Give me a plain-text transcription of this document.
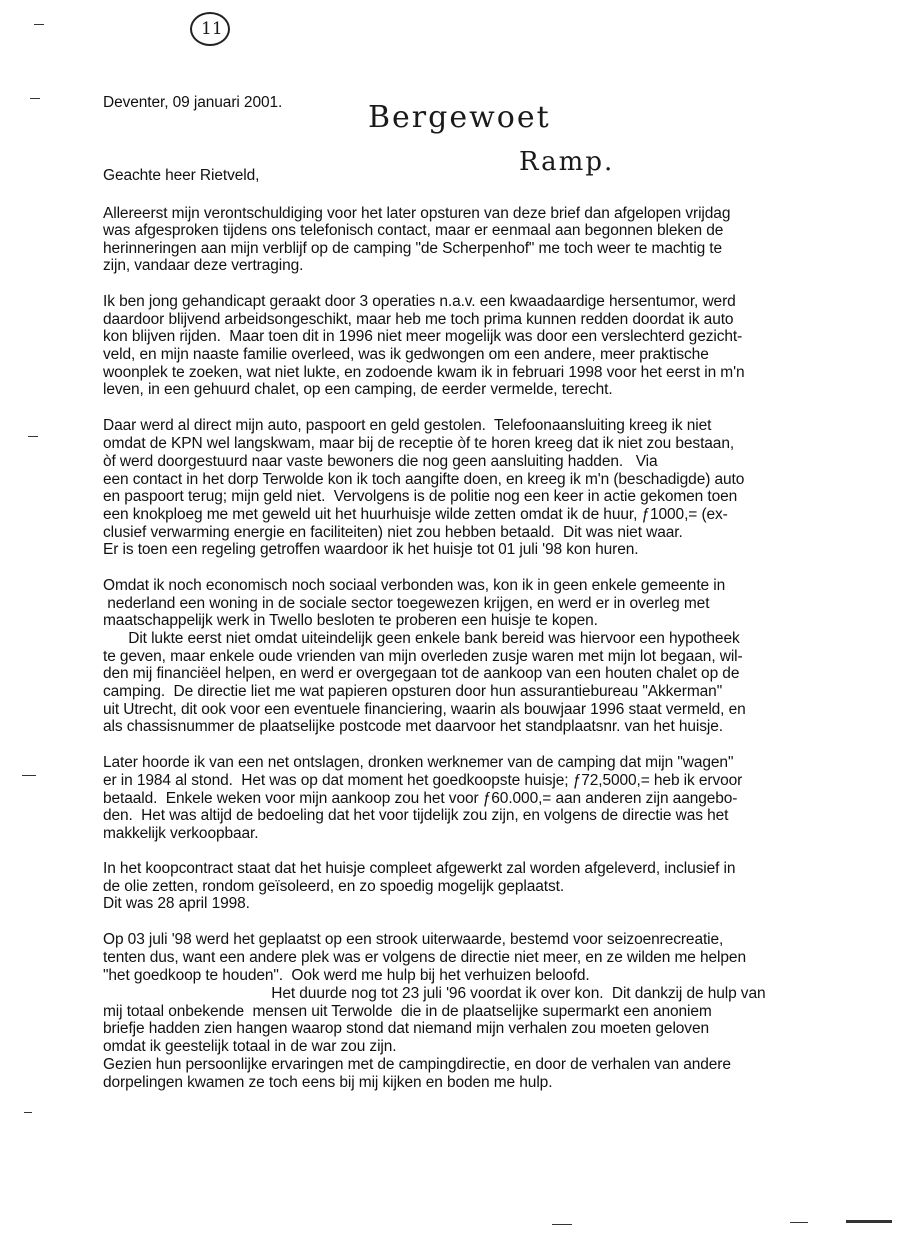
11
Bergewoet
Ramp.

Deventer, 09 januari 2001.

Geachte heer Rietveld,

Allereerst mijn verontschuldiging voor het later opsturen van deze brief dan afgelopen vrijdag

was afgesproken tijdens ons telefonisch contact, maar er eenmaal aan begonnen bleken de

herinneringen aan mijn verblijf op de camping "de Scherpenhof" me toch weer te machtig te

zijn, vandaar deze vertraging.

Ik ben jong gehandicapt geraakt door 3 operaties n.a.v. een kwaadaardige hersentumor, werd

daardoor blijvend arbeidsongeschikt, maar heb me toch prima kunnen redden doordat ik auto

kon blijven rijden.  Maar toen dit in 1996 niet meer mogelijk was door een verslechterd gezicht-

veld, en mijn naaste familie overleed, was ik gedwongen om een andere, meer praktische

woonplek te zoeken, wat niet lukte, en zodoende kwam ik in februari 1998 voor het eerst in m'n

leven, in een gehuurd chalet, op een camping, de eerder vermelde, terecht.

Daar werd al direct mijn auto, paspoort en geld gestolen.  Telefoonaansluiting kreeg ik niet

omdat de KPN wel langskwam, maar bij de receptie òf te horen kreeg dat ik niet zou bestaan,

òf werd doorgestuurd naar vaste bewoners die nog geen aansluiting hadden.   Via

een contact in het dorp Terwolde kon ik toch aangifte doen, en kreeg ik m'n (beschadigde) auto

en paspoort terug; mijn geld niet.  Vervolgens is de politie nog een keer in actie gekomen toen

een knokploeg me met geweld uit het huurhuisje wilde zetten omdat ik de huur, ƒ1000,= (ex-

clusief verwarming energie en faciliteiten) niet zou hebben betaald.  Dit was niet waar.

Er is toen een regeling getroffen waardoor ik het huisje tot 01 juli '98 kon huren.

Omdat ik noch economisch noch sociaal verbonden was, kon ik in geen enkele gemeente in

nederland een woning in de sociale sector toegewezen krijgen, en werd er in overleg met

maatschappelijk werk in Twello besloten te proberen een huisje te kopen.

Dit lukte eerst niet omdat uiteindelijk geen enkele bank bereid was hiervoor een hypotheek

te geven, maar enkele oude vrienden van mijn overleden zusje waren met mijn lot begaan, wil-

den mij financiëel helpen, en werd er overgegaan tot de aankoop van een houten chalet op de

camping.  De directie liet me wat papieren opsturen door hun assurantiebureau "Akkerman"

uit Utrecht, dit ook voor een eventuele financiering, waarin als bouwjaar 1996 staat vermeld, en

als chassisnummer de plaatselijke postcode met daarvoor het standplaatsnr. van het huisje.

Later hoorde ik van een net ontslagen, dronken werknemer van de camping dat mijn "wagen"

er in 1984 al stond.  Het was op dat moment het goedkoopste huisje; ƒ72,5000,= heb ik ervoor

betaald.  Enkele weken voor mijn aankoop zou het voor ƒ60.000,= aan anderen zijn aangebo-

den.  Het was altijd de bedoeling dat het voor tijdelijk zou zijn, en volgens de directie was het

makkelijk verkoopbaar.

In het koopcontract staat dat het huisje compleet afgewerkt zal worden afgeleverd, inclusief in

de olie zetten, rondom geïsoleerd, en zo spoedig mogelijk geplaatst.

Dit was 28 april 1998.

Op 03 juli '98 werd het geplaatst op een strook uiterwaarde, bestemd voor seizoenrecreatie,

tenten dus, want een andere plek was er volgens de directie niet meer, en ze wilden me helpen

"het goedkoop te houden".  Ook werd me hulp bij het verhuizen beloofd.

Het duurde nog tot 23 juli '96 voordat ik over kon.  Dit dankzij de hulp van

mij totaal onbekende  mensen uit Terwolde  die in de plaatselijke supermarkt een anoniem

briefje hadden zien hangen waarop stond dat niemand mijn verhalen zou moeten geloven

omdat ik geestelijk totaal in de war zou zijn.

Gezien hun persoonlijke ervaringen met de campingdirectie, en door de verhalen van andere

dorpelingen kwamen ze toch eens bij mij kijken en boden me hulp.
